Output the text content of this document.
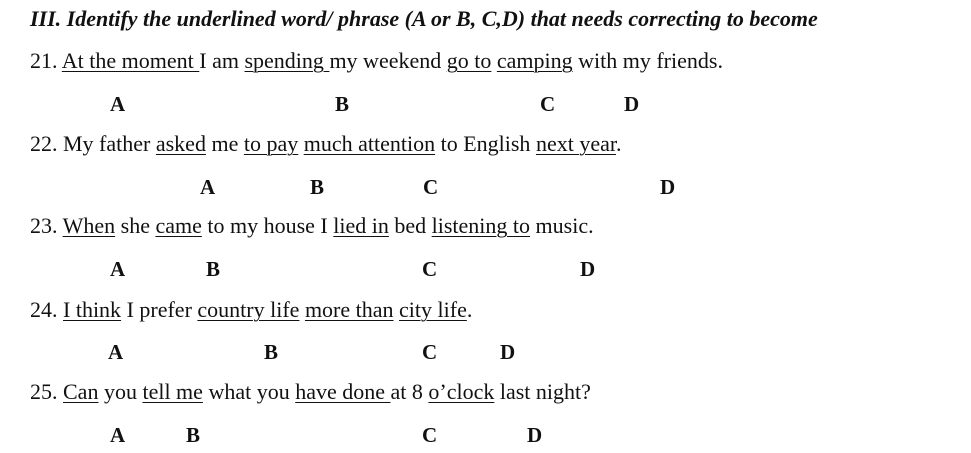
III. Identify the underlined word/ phrase (A or B, C,D) that needs correcting to become
21. At the moment I am spending my weekend go to camping with my friends.
A	B	C	D
22. My father asked me to pay much attention to English next year.
A	B	C	D
23. When she came to my house I lied in bed listening to music.
A	B	C	D
24. I think I prefer country life more than city life.
A	B	C	D
25. Can you tell me what you have done at 8 o’clock last night?
A	B	C	D
